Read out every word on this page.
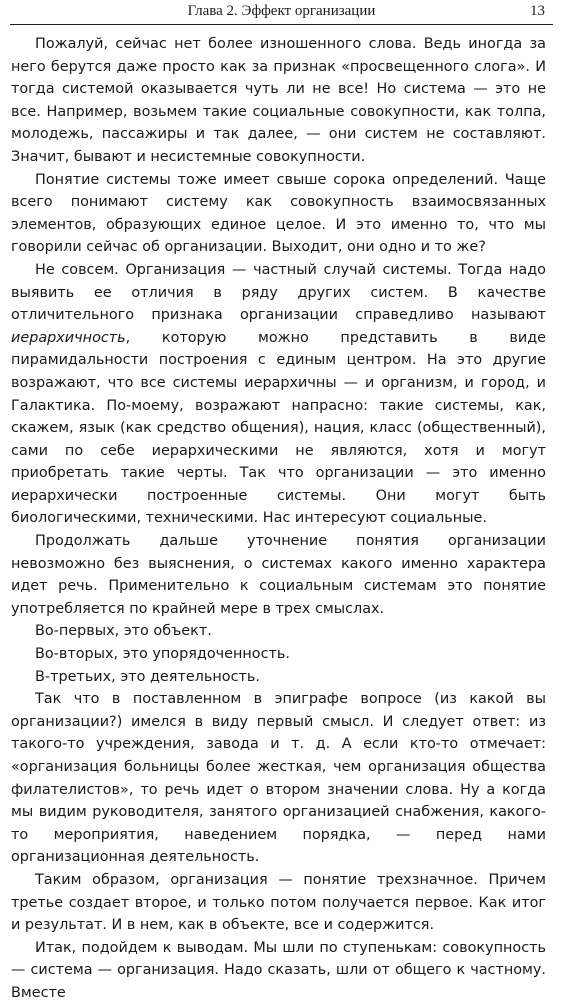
Глава 2. Эффект организации	13

Пожалуй, сейчас нет более изношенного слова. Ведь иногда за него берутся даже просто как за признак «просвещенного слога». И тогда системой оказывается чуть ли не все! Но система — это не все. Например, возьмем такие социальные совокупности, как толпа, молодежь, пассажиры и так далее, — они систем не составляют. Значит, бывают и несистемные совокупности.

Понятие системы тоже имеет свыше сорока определений. Чаще всего понимают систему как совокупность взаимосвязанных элементов, образующих единое целое. И это именно то, что мы говорили сейчас об организации. Выходит, они одно и то же?

Не совсем. Организация — частный случай системы. Тогда надо выявить ее отличия в ряду других систем. В качестве отличительного признака организации справедливо называют иерархичность, которую можно представить в виде пирамидальности построения с единым центром. На это другие возражают, что все системы иерархичны — и организм, и город, и Галактика. По-моему, возражают напрасно: такие системы, как, скажем, язык (как средство общения), нация, класс (общественный), сами по себе иерархическими не являются, хотя и могут приобретать такие черты. Так что организации — это именно иерархически построенные системы. Они могут быть биологическими, техническими. Нас интересуют социальные.

Продолжать дальше уточнение понятия организации невозможно без выяснения, о системах какого именно характера идет речь. Применительно к социальным системам это понятие употребляется по крайней мере в трех смыслах.

Во-первых, это объект.

Во-вторых, это упорядоченность.

В-третьих, это деятельность.

Так что в поставленном в эпиграфе вопросе (из какой вы организации?) имелся в виду первый смысл. И следует ответ: из такого-то учреждения, завода и т. д. А если кто-то отмечает: «организация больницы более жесткая, чем организация общества филателистов», то речь идет о втором значении слова. Ну а когда мы видим руководителя, занятого организацией снабжения, какого-то мероприятия, наведением порядка, — перед нами организационная деятельность.

Таким образом, организация — понятие трехзначное. Причем третье создает второе, и только потом получается первое. Как итог и результат. И в нем, как в объекте, все и содержится.

Итак, подойдем к выводам. Мы шли по ступенькам: совокупность — система — организация. Надо сказать, шли от общего к частному. Вместе
